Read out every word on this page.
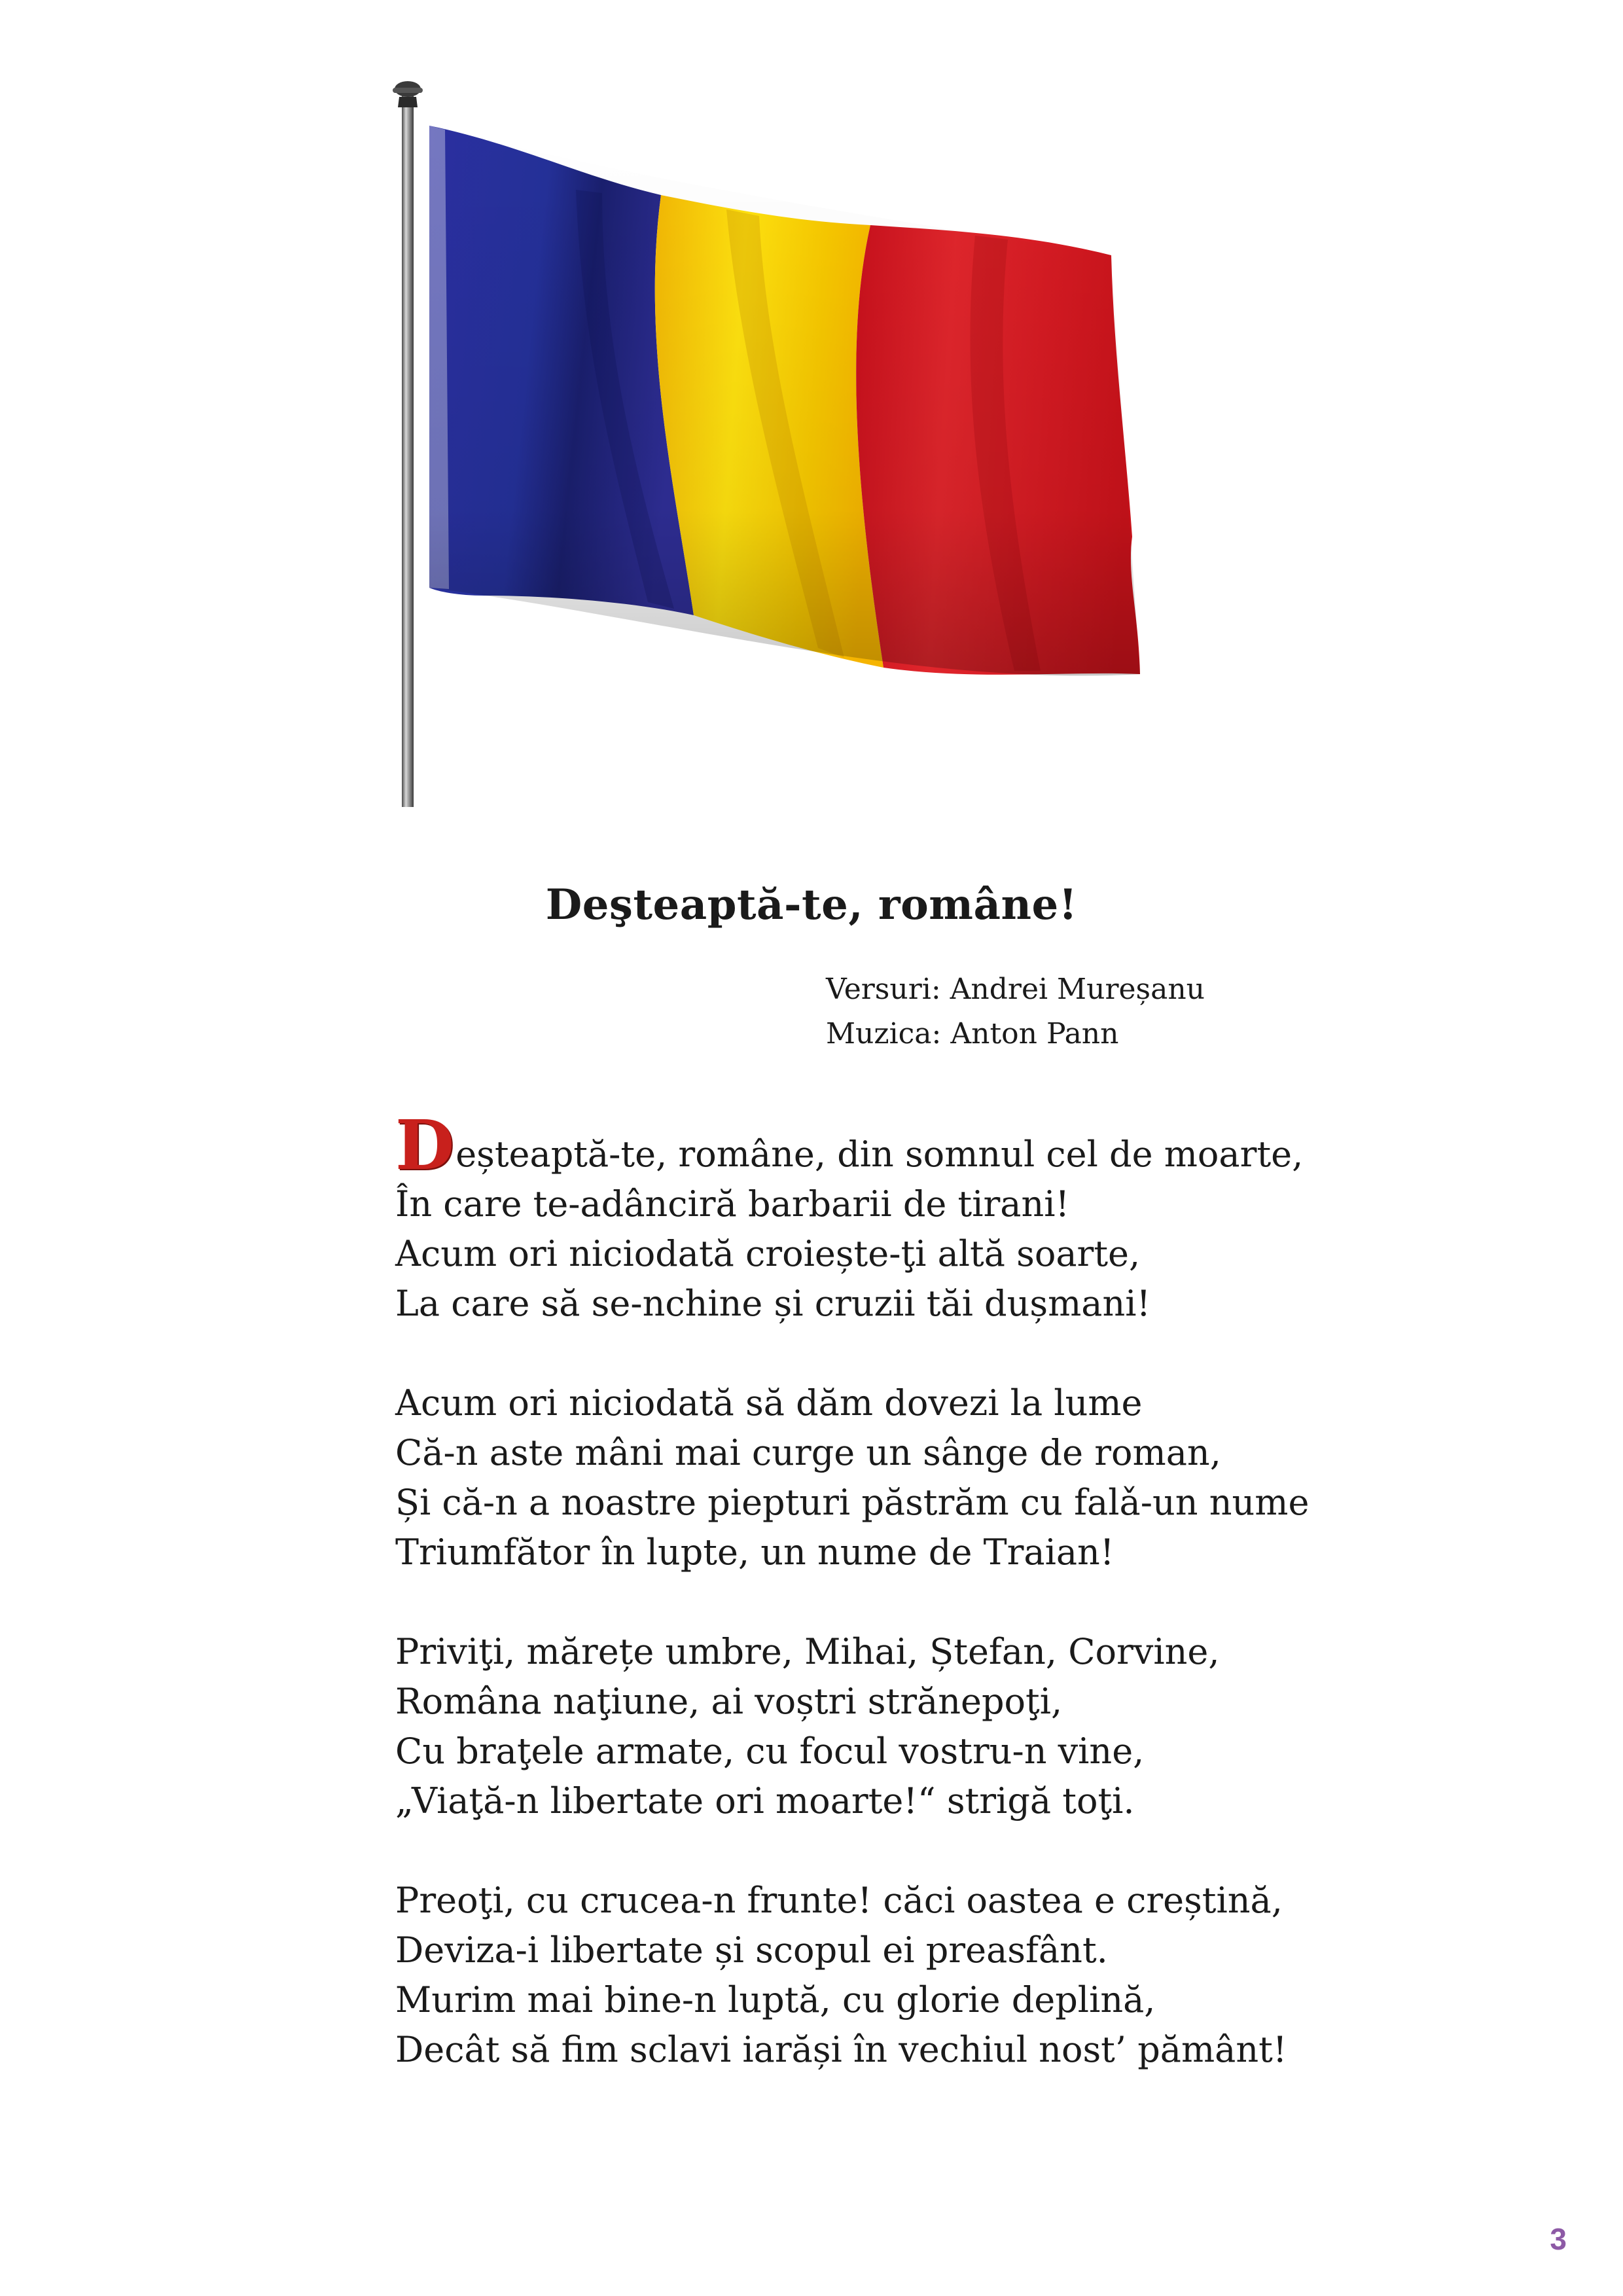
Deşteaptă-te, române!
Versuri: Andrei Mureșanu
Muzica: Anton Pann
Deșteaptă-te, române, din somnul cel de moarte,
În care te-adânciră barbarii de tirani!
Acum ori niciodată croiește-ţi altă soarte,
La care să se-nchine și cruzii tăi dușmani!
Acum ori niciodată să dăm dovezi la lume
Că-n aste mâni mai curge un sânge de roman,
Și că-n a noastre piepturi păstrăm cu falǎ-un nume
Triumfător în lupte, un nume de Traian!
Priviţi, mărețe umbre, Mihai, Ștefan, Corvine,
Româna naţiune, ai voștri strănepoţi,
Cu braţele armate, cu focul vostru-n vine,
„Viaţă-n libertate ori moarte!“ strigă toţi.
Preoţi, cu crucea-n frunte! căci oastea e creștină,
Deviza-i libertate și scopul ei preasfânt.
Murim mai bine-n luptă, cu glorie deplină,
Decât să fim sclavi iarăși în vechiul nost’ pământ!
3
